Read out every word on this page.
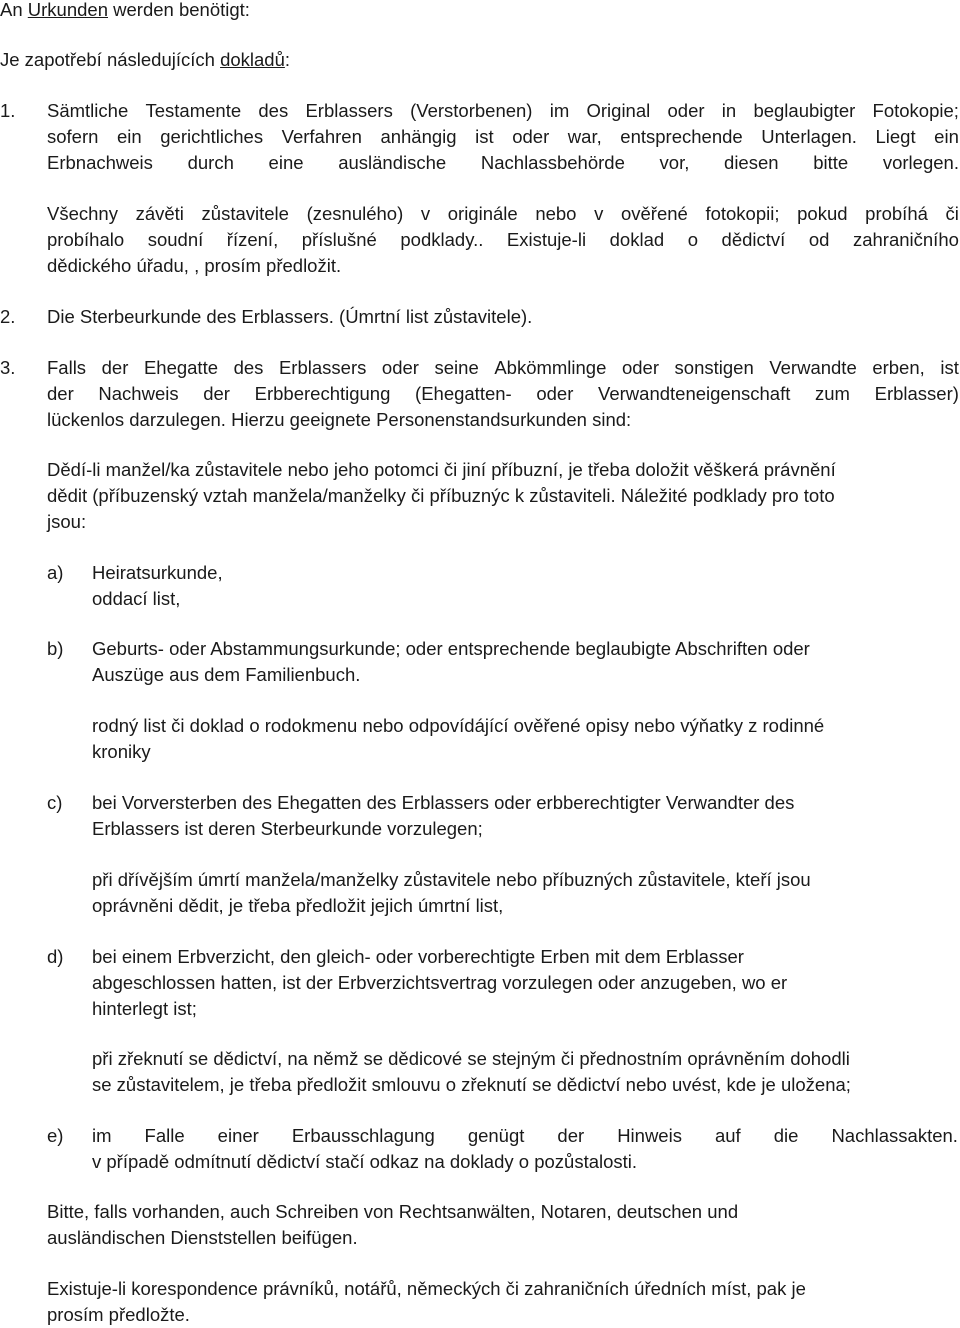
An Urkunden werden benötigt:
Je zapotřebí následujících dokladů:
1. Sämtliche Testamente des Erblassers (Verstorbenen) im Original oder in beglaubigter Fotokopie;
sofern ein gerichtliches Verfahren anhängig ist oder war, entsprechende Unterlagen. Liegt ein
Erbnachweis durch eine ausländische Nachlassbehörde vor, diesen bitte vorlegen.
Všechny závěti zůstavitele (zesnulého) v originále nebo v ověřené fotokopii; pokud probíhá či
probíhalo soudní řízení, příslušné podklady.. Existuje-li doklad o dědictví od zahraničního
dědického úřadu, , prosím předložit.
2. Die Sterbeurkunde des Erblassers. (Úmrtní list zůstavitele).
3. Falls der Ehegatte des Erblassers oder seine Abkömmlinge oder sonstigen Verwandte erben, ist
der Nachweis der Erbberechtigung (Ehegatten- oder Verwandteneigenschaft zum Erblasser)
lückenlos darzulegen. Hierzu geeignete Personenstandsurkunden sind:
Dědí-li manžel/ka zůstavitele nebo jeho potomci či jiní příbuzní, je třeba doložit věškerá právnění
dědit (příbuzenský vztah manžela/manželky či příbuznýc k zůstaviteli. Náležité podklady pro toto
jsou:
a) Heiratsurkunde,
oddací list,
b) Geburts- oder Abstammungsurkunde; oder entsprechende beglaubigte Abschriften oder
Auszüge aus dem Familienbuch.
rodný list či doklad o rodokmenu nebo odpovídájící ověřené opisy nebo výňatky z rodinné
kroniky
c) bei Vorversterben des Ehegatten des Erblassers oder erbberechtigter Verwandter des
Erblassers ist deren Sterbeurkunde vorzulegen;
při dřívějším úmrtí manžela/manželky zůstavitele nebo příbuzných zůstavitele, kteří jsou
oprávněni dědit, je třeba předložit jejich úmrtní list,
d) bei einem Erbverzicht, den gleich- oder vorberechtigte Erben mit dem Erblasser
abgeschlossen hatten, ist der Erbverzichtsvertrag vorzulegen oder anzugeben, wo er
hinterlegt ist;
při zřeknutí se dědictví, na němž se dědicové se stejným či přednostním oprávněním dohodli
se zůstavitelem, je třeba předložit smlouvu o zřeknutí se dědictví nebo uvést, kde je uložena;
e) im Falle einer Erbausschlagung genügt der Hinweis auf die Nachlassakten.
v případě odmítnutí dědictví stačí odkaz na doklady o pozůstalosti.
Bitte, falls vorhanden, auch Schreiben von Rechtsanwälten, Notaren, deutschen und
ausländischen Dienststellen beifügen.
Existuje-li korespondence právníků, notářů, německých či zahraničních úředních míst, pak je
prosím předložte.
